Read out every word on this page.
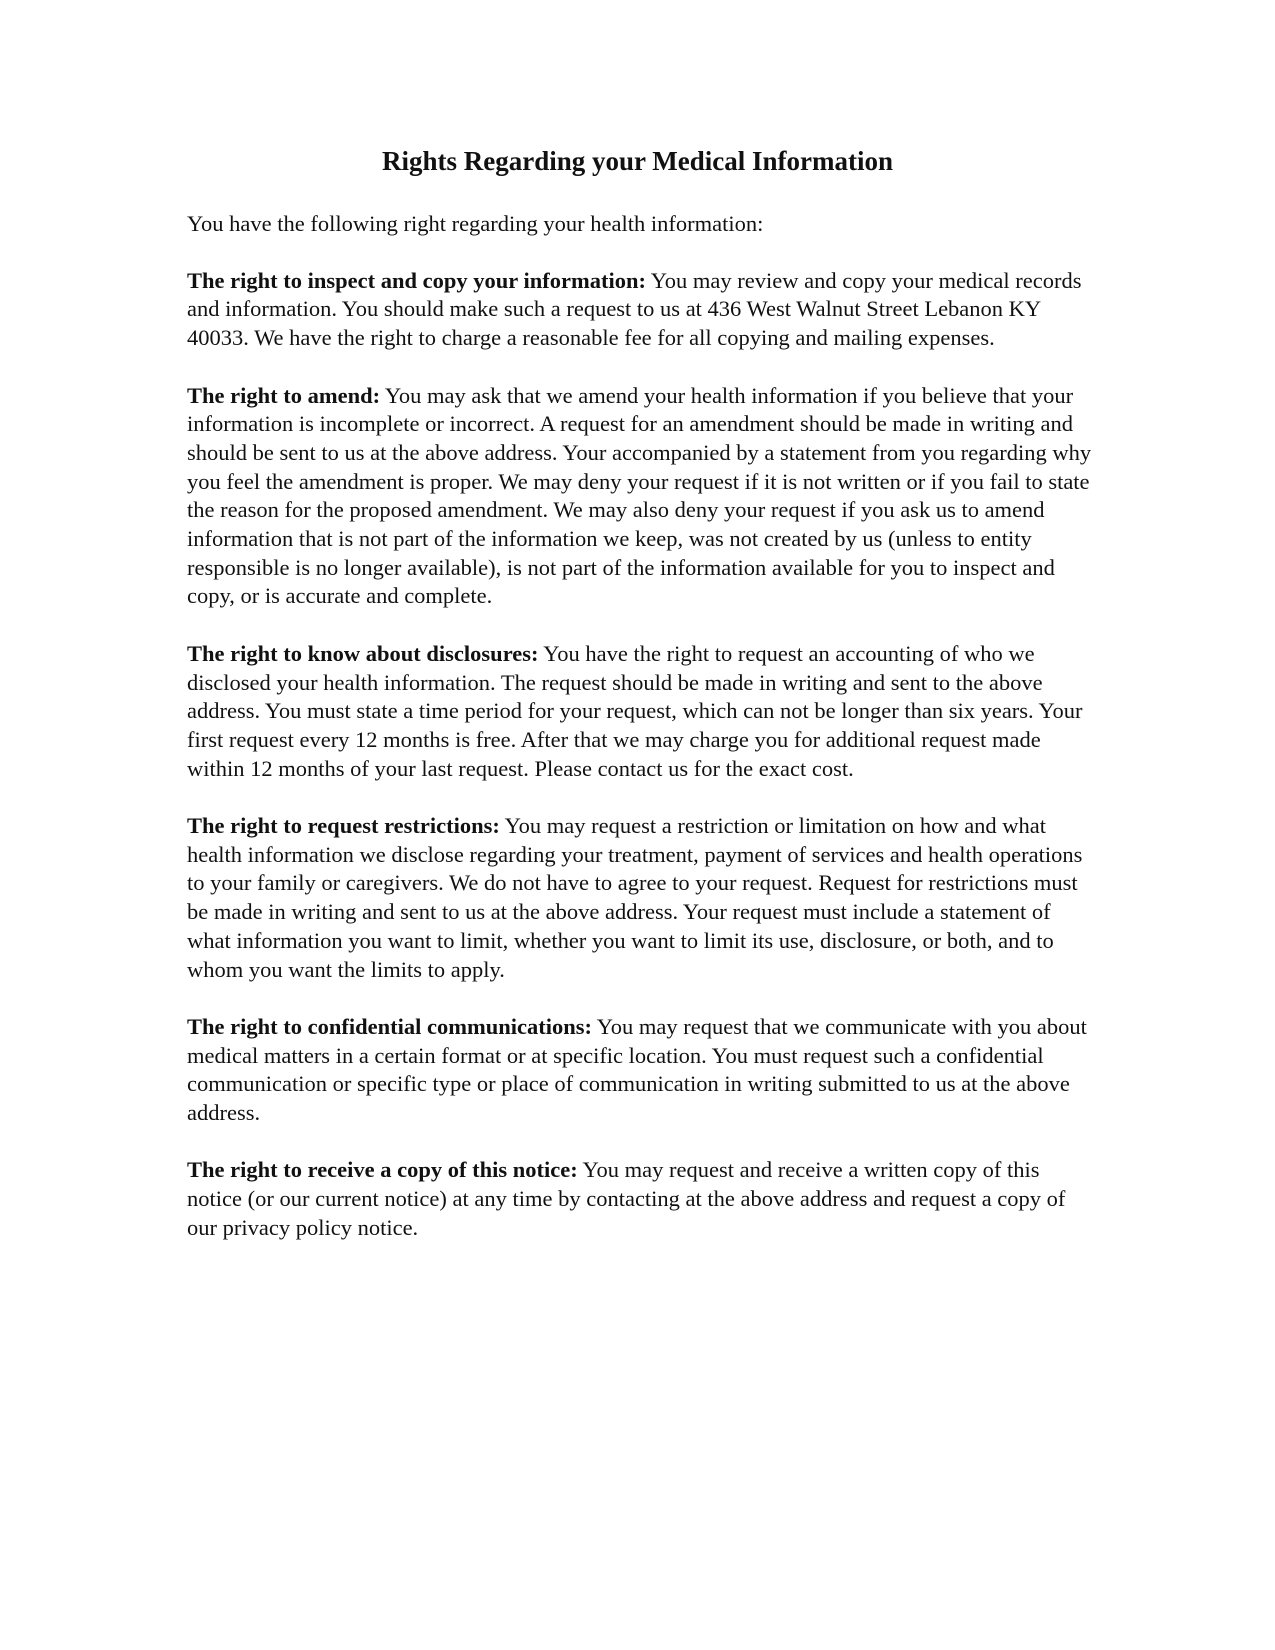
Rights Regarding your Medical Information

You have the following right regarding your health information:

The right to inspect and copy your information: You may review and copy your medical records and information. You should make such a request to us at 436 West Walnut Street Lebanon KY 40033. We have the right to charge a reasonable fee for all copying and mailing expenses.

The right to amend: You may ask that we amend your health information if you believe that your information is incomplete or incorrect. A request for an amendment should be made in writing and should be sent to us at the above address. Your accompanied by a statement from you regarding why you feel the amendment is proper. We may deny your request if it is not written or if you fail to state the reason for the proposed amendment. We may also deny your request if you ask us to amend information that is not part of the information we keep, was not created by us (unless to entity responsible is no longer available), is not part of the information available for you to inspect and copy, or is accurate and complete.

The right to know about disclosures: You have the right to request an accounting of who we disclosed your health information. The request should be made in writing and sent to the above address. You must state a time period for your request, which can not be longer than six years. Your first request every 12 months is free. After that we may charge you for additional request made within 12 months of your last request. Please contact us for the exact cost.

The right to request restrictions: You may request a restriction or limitation on how and what health information we disclose regarding your treatment, payment of services and health operations to your family or caregivers. We do not have to agree to your request. Request for restrictions must be made in writing and sent to us at the above address. Your request must include a statement of what information you want to limit, whether you want to limit its use, disclosure, or both, and to whom you want the limits to apply.

The right to confidential communications: You may request that we communicate with you about medical matters in a certain format or at specific location. You must request such a confidential communication or specific type or place of communication in writing submitted to us at the above address.

The right to receive a copy of this notice: You may request and receive a written copy of this notice (or our current notice) at any time by contacting at the above address and request a copy of our privacy policy notice.
